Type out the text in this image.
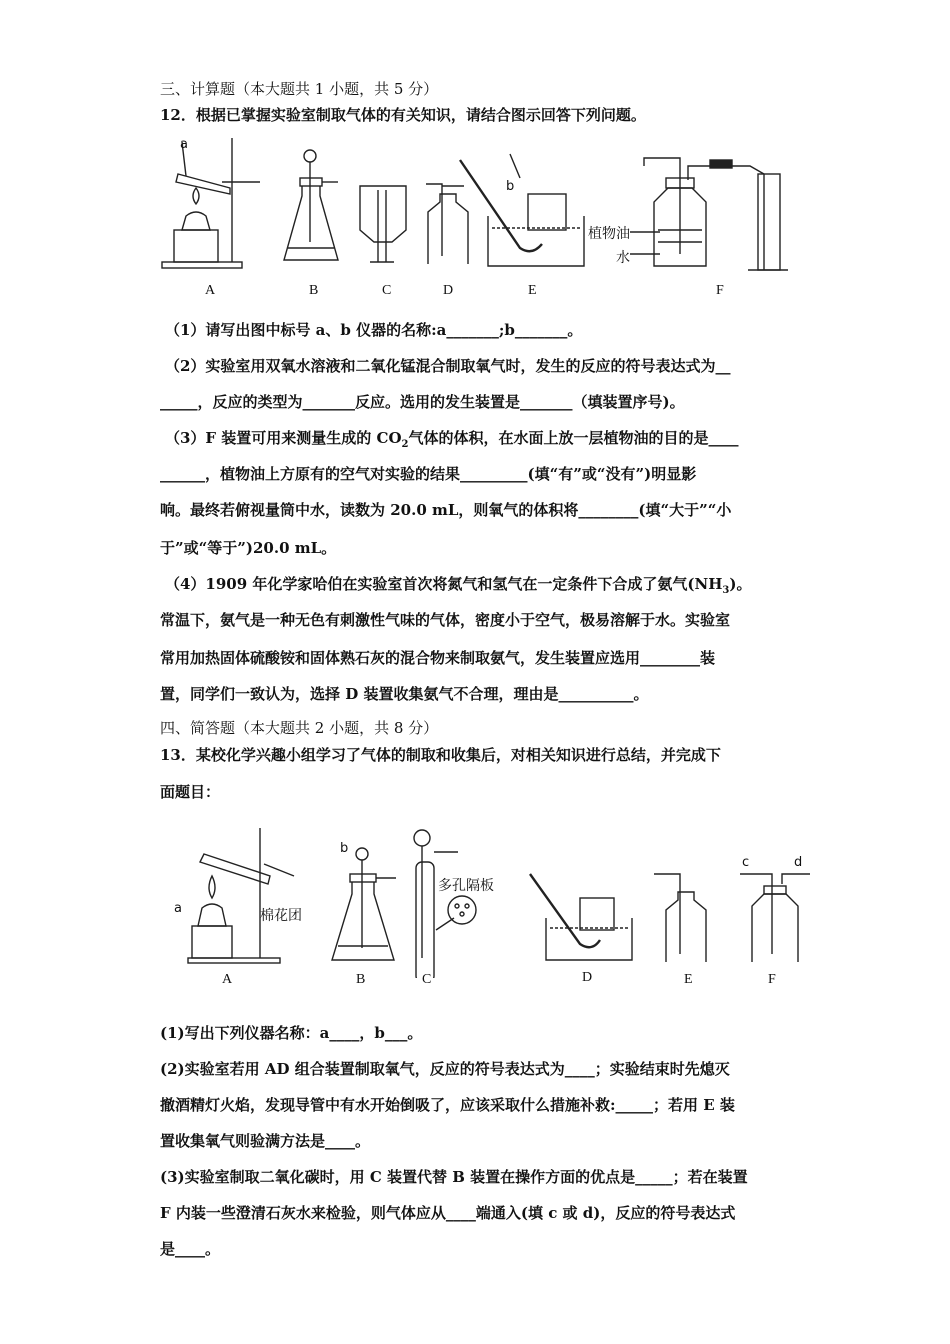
三、计算题（本大题共 1 小题，共 5 分）
12．根据已掌握实验室制取气体的有关知识，请结合图示回答下列问题。
a
b
植物油
水
A	B	C	D	E	F
（1）请写出图中标号 a、b 仪器的名称:a_______;b_______。
（2）实验室用双氧水溶液和二氧化锰混合制取氧气时，发生的反应的符号表达式为__
_____，反应的类型为_______反应。选用的发生装置是_______（填装置序号)。
（3）F 装置可用来测量生成的 $CO_2$气体的体积，在水面上放一层植物油的目的是____
______，植物油上方原有的空气对实验的结果_________(填“有”或“没有”)明显影
响。最终若俯视量筒中水，读数为 20.0 mL，则氧气的体积将________(填“大于”“小
于”或“等于”)20.0 mL。
（4）1909 年化学家哈伯在实验室首次将氮气和氢气在一定条件下合成了氨气$(NH_3)$。
常温下，氨气是一种无色有刺激性气味的气体，密度小于空气，极易溶解于水。实验室
常用加热固体硫酸铵和固体熟石灰的混合物来制取氨气，发生装置应选用________装
置，同学们一致认为，选择 D 装置收集氨气不合理，理由是__________。
四、简答题（本大题共 2 小题，共 8 分）
13．某校化学兴趣小组学习了气体的制取和收集后，对相关知识进行总结，并完成下
面题目：
b
a
c	d
棉花团
多孔隔板
A	B	C	D	E	F
(1)写出下列仪器名称：a____，b___。
(2)实验室若用 AD 组合装置制取氧气，反应的符号表达式为____；实验结束时先熄灭
撤酒精灯火焰，发现导管中有水开始倒吸了，应该采取什么措施补救:_____；若用 E 装
置收集氧气则验满方法是____。
(3)实验室制取二氧化碳时，用 C 装置代替 B 装置在操作方面的优点是_____；若在装置
F 内装一些澄清石灰水来检验，则气体应从____端通入(填 c 或 d)，反应的符号表达式
是____。
